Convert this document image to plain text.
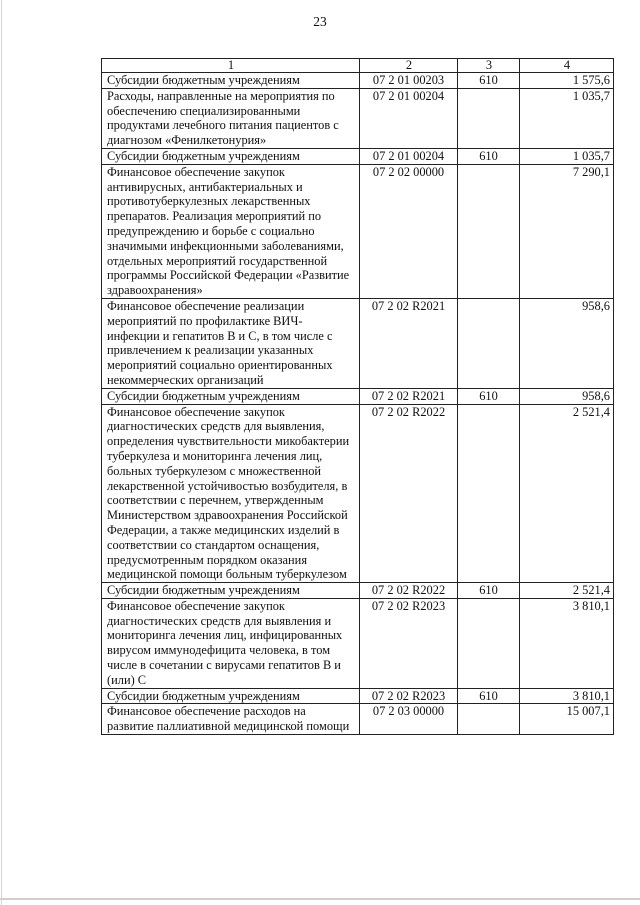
23
1	2	3	4
Субсидии бюджетным учреждениям	07 2 01 00203	610	1 575,6
Расходы, направленные на мероприятия по обеспечению специализированными продуктами лечебного питания пациентов с диагнозом «Фенилкетонурия»	07 2 01 00204		1 035,7
Субсидии бюджетным учреждениям	07 2 01 00204	610	1 035,7
Финансовое обеспечение закупок антивирусных, антибактериальных и противотуберкулезных лекарственных препаратов. Реализация мероприятий по предупреждению и борьбе с социально значимыми инфекционными заболеваниями, отдельных мероприятий государственной программы Российской Федерации «Развитие здравоохранения»	07 2 02 00000		7 290,1
Финансовое обеспечение реализации мероприятий по профилактике ВИЧ-инфекции и гепатитов B и C, в том числе с привлечением к реализации указанных мероприятий социально ориентированных некоммерческих организаций	07 2 02 R2021		958,6
Субсидии бюджетным учреждениям	07 2 02 R2021	610	958,6
Финансовое обеспечение закупок диагностических средств для выявления, определения чувствительности микобактерии туберкулеза и мониторинга лечения лиц, больных туберкулезом с множественной лекарственной устойчивостью возбудителя, в соответствии с перечнем, утвержденным Министерством здравоохранения Российской Федерации, а также медицинских изделий в соответствии со стандартом оснащения, предусмотренным порядком оказания медицинской помощи больным туберкулезом	07 2 02 R2022		2 521,4
Субсидии бюджетным учреждениям	07 2 02 R2022	610	2 521,4
Финансовое обеспечение закупок диагностических средств для выявления и мониторинга лечения лиц, инфицированных вирусом иммунодефицита человека, в том числе в сочетании с вирусами гепатитов B и (или) C	07 2 02 R2023		3 810,1
Субсидии бюджетным учреждениям	07 2 02 R2023	610	3 810,1
Финансовое обеспечение расходов на развитие паллиативной медицинской помощи	07 2 03 00000		15 007,1
